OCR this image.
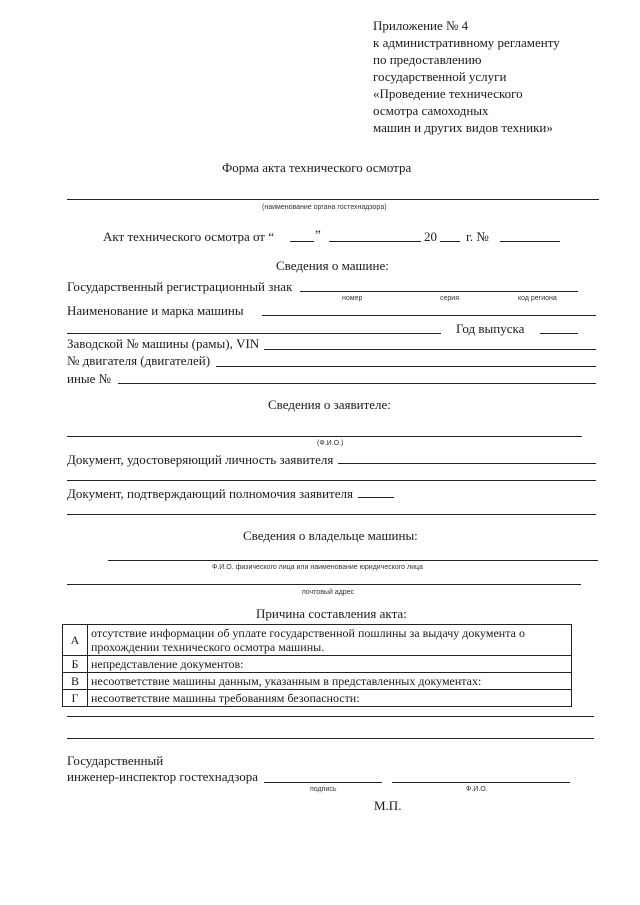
Приложение № 4
к административному регламенту
по предоставлению
государственной услуги
«Проведение технического
осмотра самоходных
машин и других видов техники»
Форма акта технического осмотра
(наименование органа гостехнадзора)
Акт технического осмотра от “	”	20 г. №
Сведения о машине:
Государственный регистрационный знак
номер	серия	код региона
Наименование и марка машины
Год выпуска
Заводской № машины (рамы), VIN
№ двигателя (двигателей)
иные №
Сведения о заявителе:
(Ф.И.О.)
Документ, удостоверяющий личность заявителя
Документ, подтверждающий полномочия заявителя
Сведения о владельце машины:
Ф.И.О. физического лица или наименование юридического лица
почтовый адрес
Причина составления акта:
А	отсутствие информации об уплате государственной пошлины за выдачу документа о
прохождении технического осмотра машины.

Б	непредставление документов:

В	несоответствие машины данным, указанным в представленных документах:

Г	несоответствие машины требованиям безопасности:
Государственный
инженер-инспектор гостехнадзора
подпись	Ф.И.О.
М.П.
